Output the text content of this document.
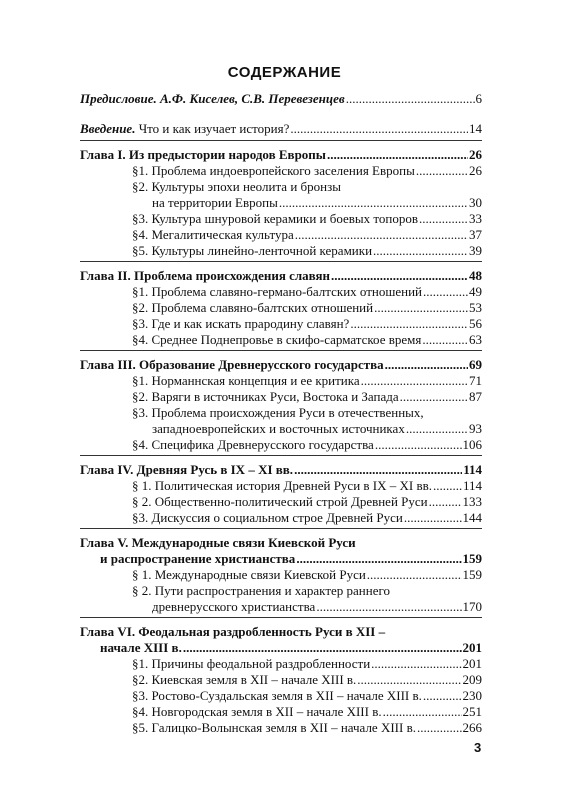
СОДЕРЖАНИЕ
Предисловие. А.Ф. Киселев, С.В. Перевезенцев .....	6
Введение. Что и как изучает история? .....	14
Глава I. Из предыстории народов Европы .....	26
§1. Проблема индоевропейского заселения Европы .....	26
§2. Культуры эпохи неолита и бронзы
на территории Европы .....	30
§3. Культура шнуровой керамики и боевых топоров .....	33
§4. Мегалитическая культура .....	37
§5. Культуры линейно-ленточной керамики .....	39
Глава II. Проблема происхождения славян .....	48
§1. Проблема славяно-германо-балтских отношений .....	49
§2. Проблема славяно-балтских отношений .....	53
§3. Где и как искать прародину славян? .....	56
§4. Среднее Поднепровье в скифо-сарматское время .....	63
Глава III. Образование Древнерусского государства .....	69
§1. Норманнская концепция и ее критика .....	71
§2. Варяги в источниках Руси, Востока и Запада .....	87
§3. Проблема происхождения Руси в отечественных,
западноевропейских и восточных источниках .....	93
§4. Специфика Древнерусского государства .....	106
Глава IV. Древняя Русь в IX – XI вв. .....	114
§ 1. Политическая история Древней Руси в IX – XI вв. ..... 114
§ 2. Общественно-политический строй Древней Руси .....	133
§3. Дискуссия о социальном строе Древней Руси .....	144
Глава V. Международные связи Киевской Руси
и распространение христианства .....	159
§ 1. Международные связи Киевской Руси .....	159
§ 2. Пути распространения и характер раннего
древнерусского христианства .....	170
Глава VI. Феодальная раздробленность Руси в XII –
начале XIII в. .....	201
§1. Причины феодальной раздробленности .....	201
§2. Киевская земля в XII – начале XIII в. .....	209
§3. Ростово-Суздальская земля в XII – начале XIII в. .....	230
§4. Новгородская земля в XII – начале XIII в. .....	251
§5. Галицко-Волынская земля в XII – начале XIII в. .....	266
3
